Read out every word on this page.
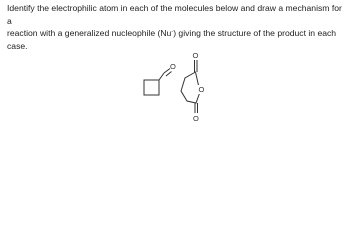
Identify the electrophilic atom in each of the molecules below and draw a mechanism for a
reaction with a generalized nucleophile (Nu-) giving the structure of the product in each
case.
O
O
O
O
